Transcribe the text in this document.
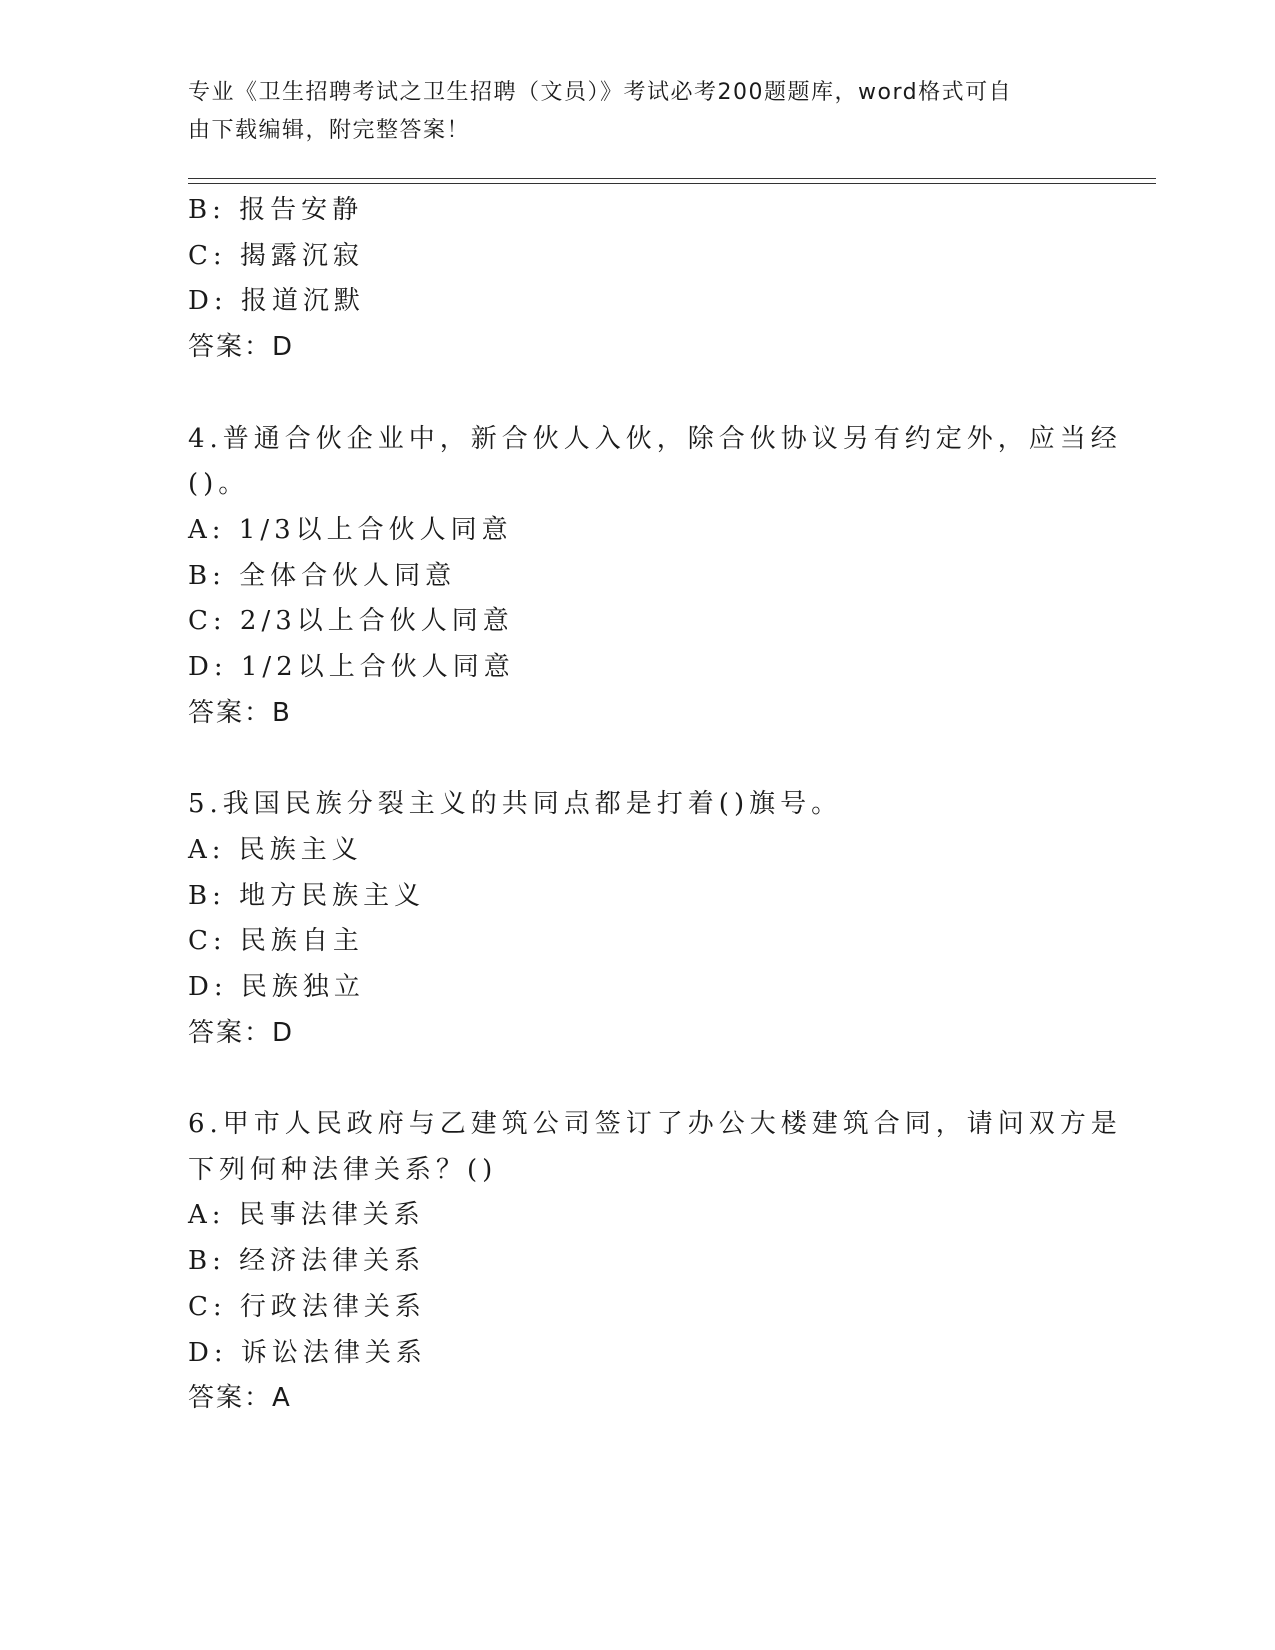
专业《卫生招聘考试之卫生招聘（文员）》考试必考200题题库，word格式可自
由下载编辑，附完整答案！
B: 报告安静
C: 揭露沉寂
D: 报道沉默
答案：D
4.普通合伙企业中，新合伙人入伙，除合伙协议另有约定外，应当经
()。
A: 1/3以上合伙人同意
B: 全体合伙人同意
C: 2/3以上合伙人同意
D: 1/2以上合伙人同意
答案：B
5.我国民族分裂主义的共同点都是打着()旗号。
A: 民族主义
B: 地方民族主义
C: 民族自主
D: 民族独立
答案：D
6.甲市人民政府与乙建筑公司签订了办公大楼建筑合同，请问双方是
下列何种法律关系？()
A: 民事法律关系
B: 经济法律关系
C: 行政法律关系
D: 诉讼法律关系
答案：A
